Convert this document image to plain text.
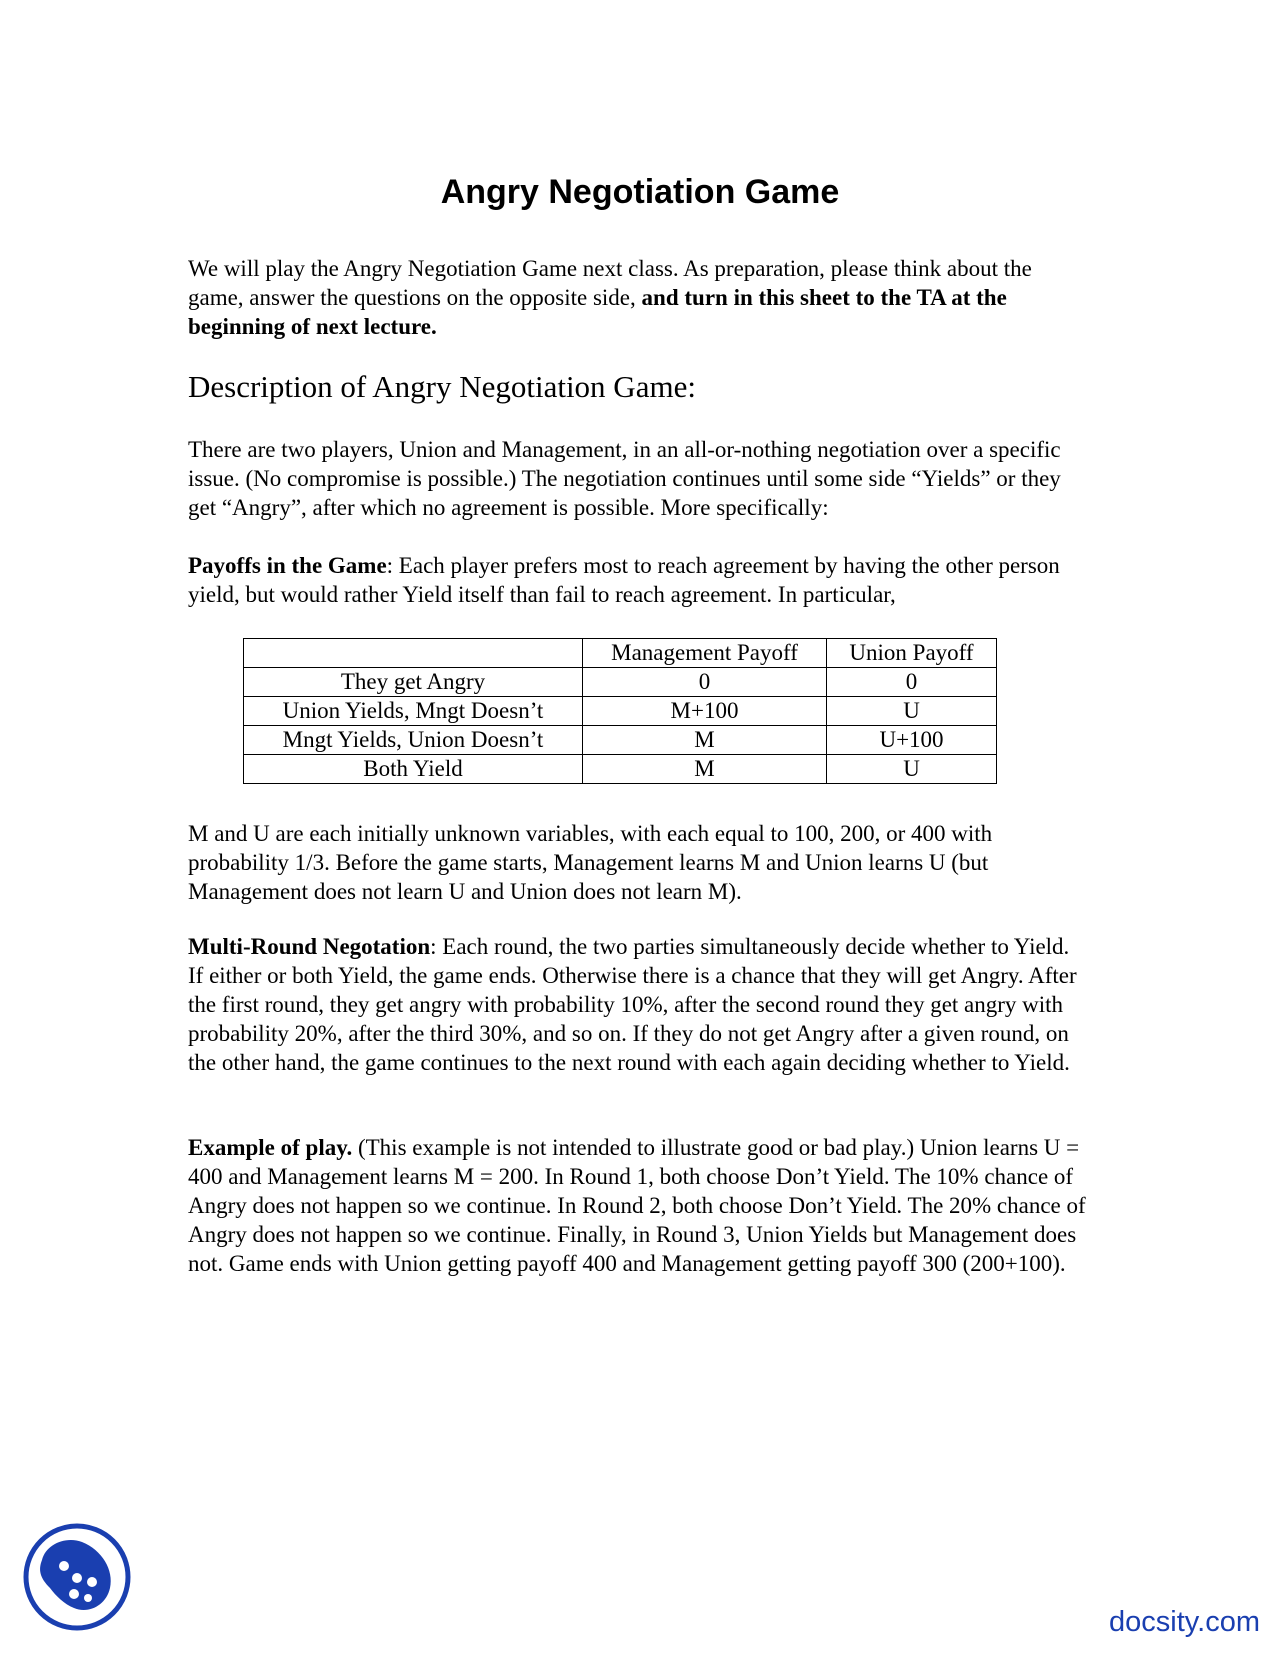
Angry Negotiation Game

We will play the Angry Negotiation Game next class. As preparation, please think about the game, answer the questions on the opposite side, and turn in this sheet to the TA at the beginning of next lecture.

Description of Angry Negotiation Game:

There are two players, Union and Management, in an all-or-nothing negotiation over a specific issue. (No compromise is possible.) The negotiation continues until some side “Yields” or they get “Angry”, after which no agreement is possible. More specifically:

Payoffs in the Game: Each player prefers most to reach agreement by having the other person yield, but would rather Yield itself than fail to reach agreement. In particular,

	Management Payoff	Union Payoff
They get Angry	0	0
Union Yields, Mngt Doesn’t	M+100	U
Mngt Yields, Union Doesn’t	M	U+100
Both Yield	M	U

M and U are each initially unknown variables, with each equal to 100, 200, or 400 with probability 1/3. Before the game starts, Management learns M and Union learns U (but Management does not learn U and Union does not learn M).

Multi-Round Negotation: Each round, the two parties simultaneously decide whether to Yield. If either or both Yield, the game ends. Otherwise there is a chance that they will get Angry. After the first round, they get angry with probability 10%, after the second round they get angry with probability 20%, after the third 30%, and so on. If they do not get Angry after a given round, on the other hand, the game continues to the next round with each again deciding whether to Yield.

Example of play. (This example is not intended to illustrate good or bad play.) Union learns U = 400 and Management learns M = 200. In Round 1, both choose Don’t Yield. The 10% chance of Angry does not happen so we continue. In Round 2, both choose Don’t Yield. The 20% chance of Angry does not happen so we continue. Finally, in Round 3, Union Yields but Management does not. Game ends with Union getting payoff 400 and Management getting payoff 300 (200+100).

docsity.com
